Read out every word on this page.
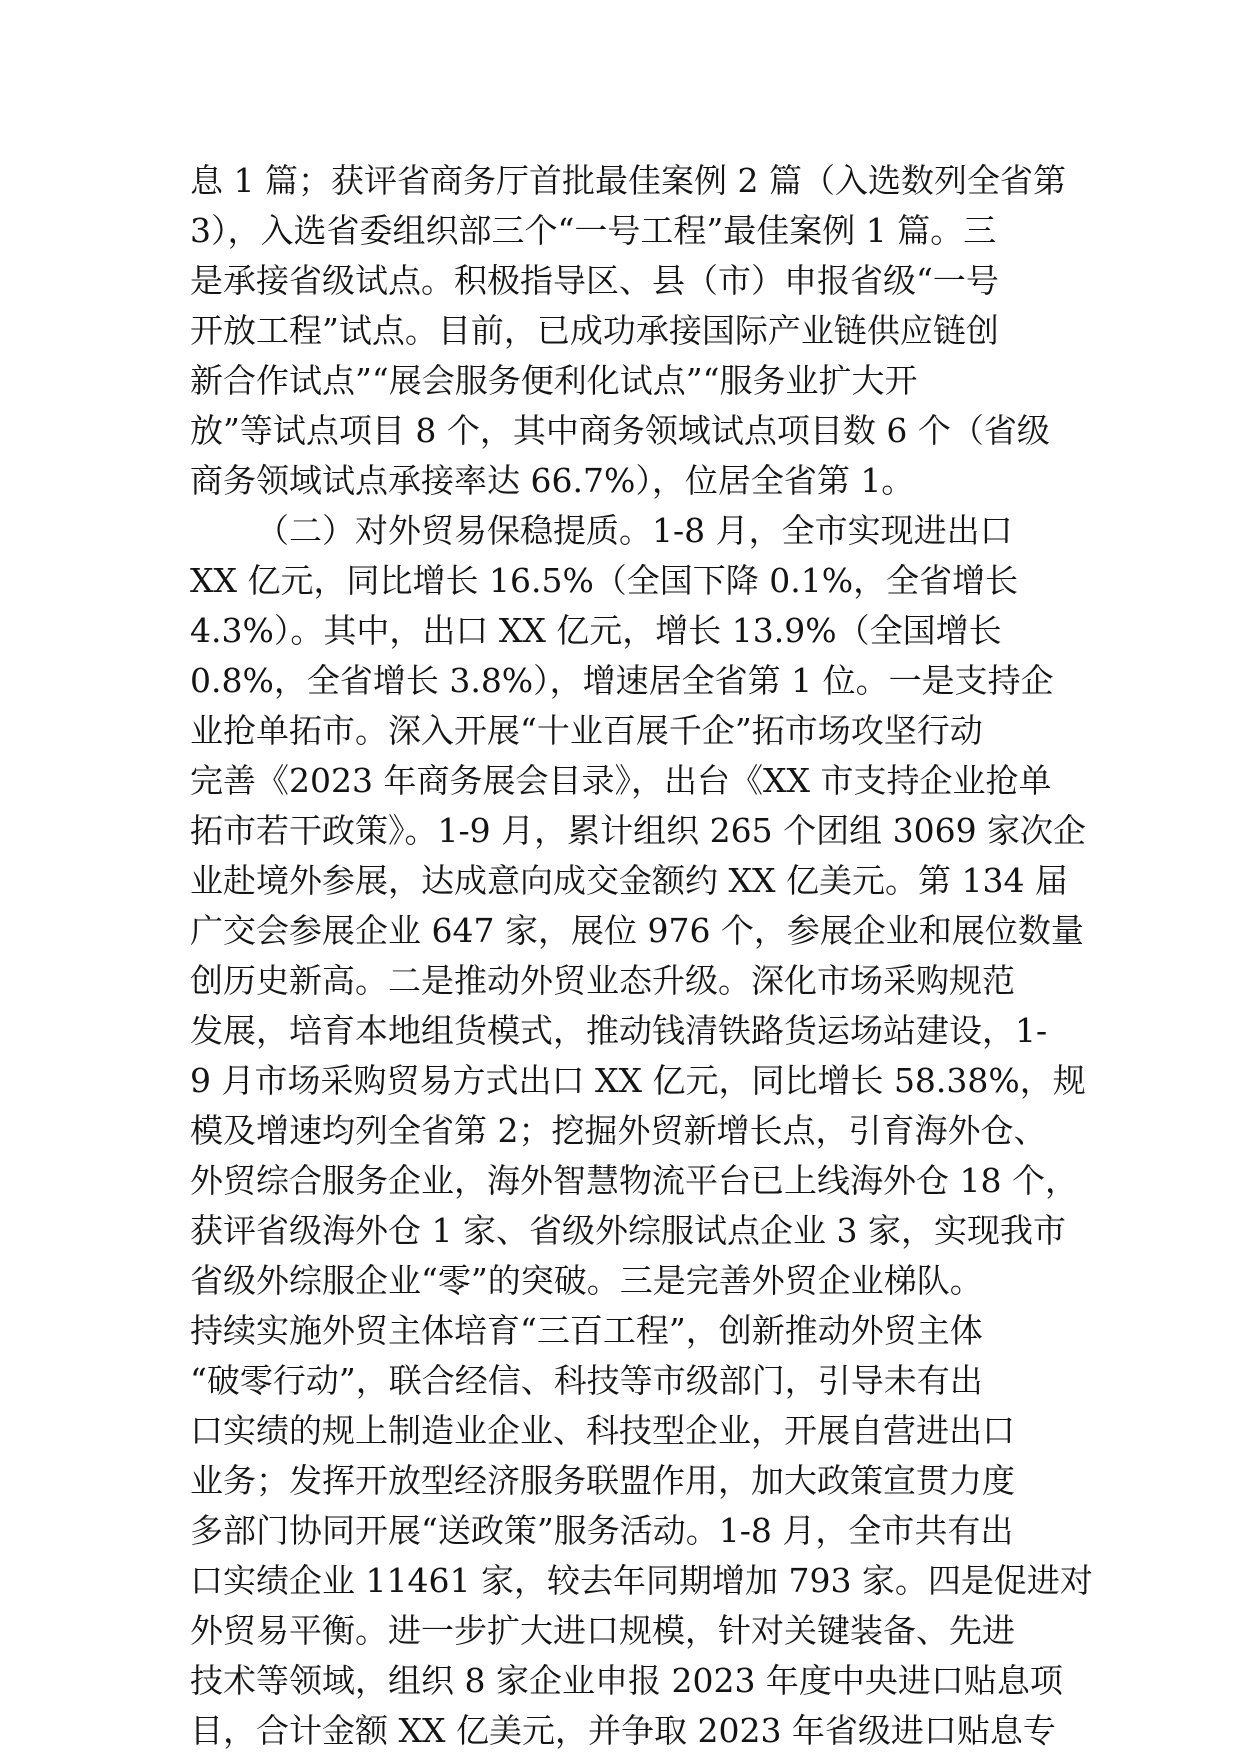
息 1 篇；获评省商务厅首批最佳案例 2 篇（入选数列全省第
3），入选省委组织部三个“一号工程”最佳案例 1 篇。三
是承接省级试点。积极指导区、县（市）申报省级“一号
开放工程”试点。目前，已成功承接国际产业链供应链创
新合作试点”“展会服务便利化试点”“服务业扩大开
放”等试点项目 8 个，其中商务领域试点项目数 6 个（省级
商务领域试点承接率达 66.7%），位居全省第 1。
（二）对外贸易保稳提质。1-8 月，全市实现进出口
XX 亿元，同比增长 16.5%（全国下降 0.1%，全省增长
4.3%）。其中，出口 XX 亿元，增长 13.9%（全国增长
0.8%，全省增长 3.8%），增速居全省第 1 位。一是支持企
业抢单拓市。深入开展“十业百展千企”拓市场攻坚行动
完善《2023 年商务展会目录》，出台《XX 市支持企业抢单
拓市若干政策》。1-9 月，累计组织 265 个团组 3069 家次企
业赴境外参展，达成意向成交金额约 XX 亿美元。第 134 届
广交会参展企业 647 家，展位 976 个，参展企业和展位数量
创历史新高。二是推动外贸业态升级。深化市场采购规范
发展，培育本地组货模式，推动钱清铁路货运场站建设，1-
9 月市场采购贸易方式出口 XX 亿元，同比增长 58.38%，规
模及增速均列全省第 2；挖掘外贸新增长点，引育海外仓、
外贸综合服务企业，海外智慧物流平台已上线海外仓 18 个，
获评省级海外仓 1 家、省级外综服试点企业 3 家，实现我市
省级外综服企业“零”的突破。三是完善外贸企业梯队。
持续实施外贸主体培育“三百工程”，创新推动外贸主体
“破零行动”，联合经信、科技等市级部门，引导未有出
口实绩的规上制造业企业、科技型企业，开展自营进出口
业务；发挥开放型经济服务联盟作用，加大政策宣贯力度
多部门协同开展“送政策”服务活动。1-8 月，全市共有出
口实绩企业 11461 家，较去年同期增加 793 家。四是促进对
外贸易平衡。进一步扩大进口规模，针对关键装备、先进
技术等领域，组织 8 家企业申报 2023 年度中央进口贴息项
目，合计金额 XX 亿美元，并争取 2023 年省级进口贴息专
